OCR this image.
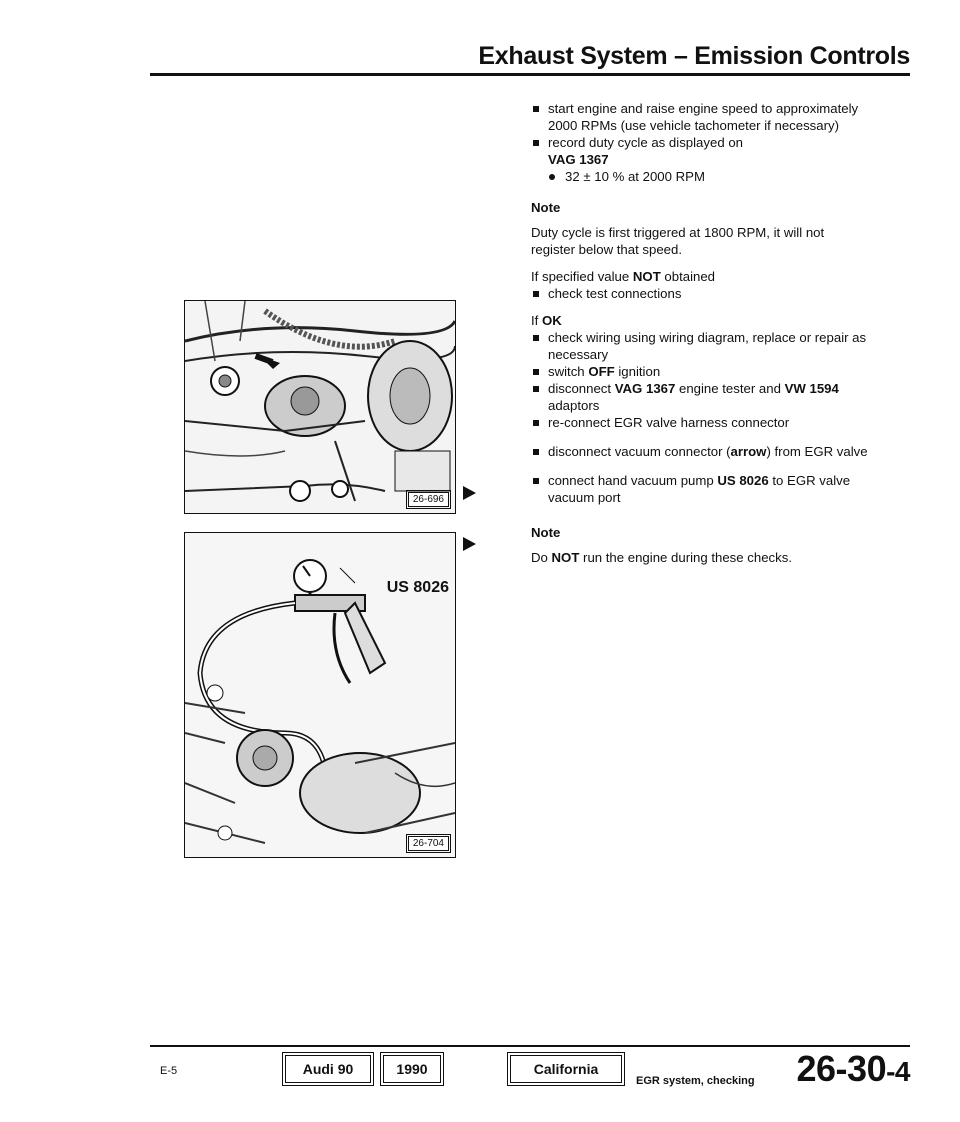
Exhaust System – Emission Controls
26-696
US 8026
26-704
start engine and raise engine speed to approximately 2000 RPMs (use vehicle tachometer if necessary)
record duty cycle as displayed on
VAG 1367
32 ± 10 % at 2000 RPM
Note
Duty cycle is first triggered at 1800 RPM, it will not register below that speed.
If specified value NOT obtained
check test connections
If OK
check wiring using wiring diagram, replace or repair as necessary
switch OFF ignition
disconnect VAG 1367 engine tester and VW 1594 adaptors
re-connect EGR valve harness connector
disconnect vacuum connector (arrow) from EGR valve
connect hand vacuum pump US 8026 to EGR valve vacuum port
Note
Do NOT run the engine during these checks.
E-5	Audi 90	1990	California
EGR system, checking 26-30-4
